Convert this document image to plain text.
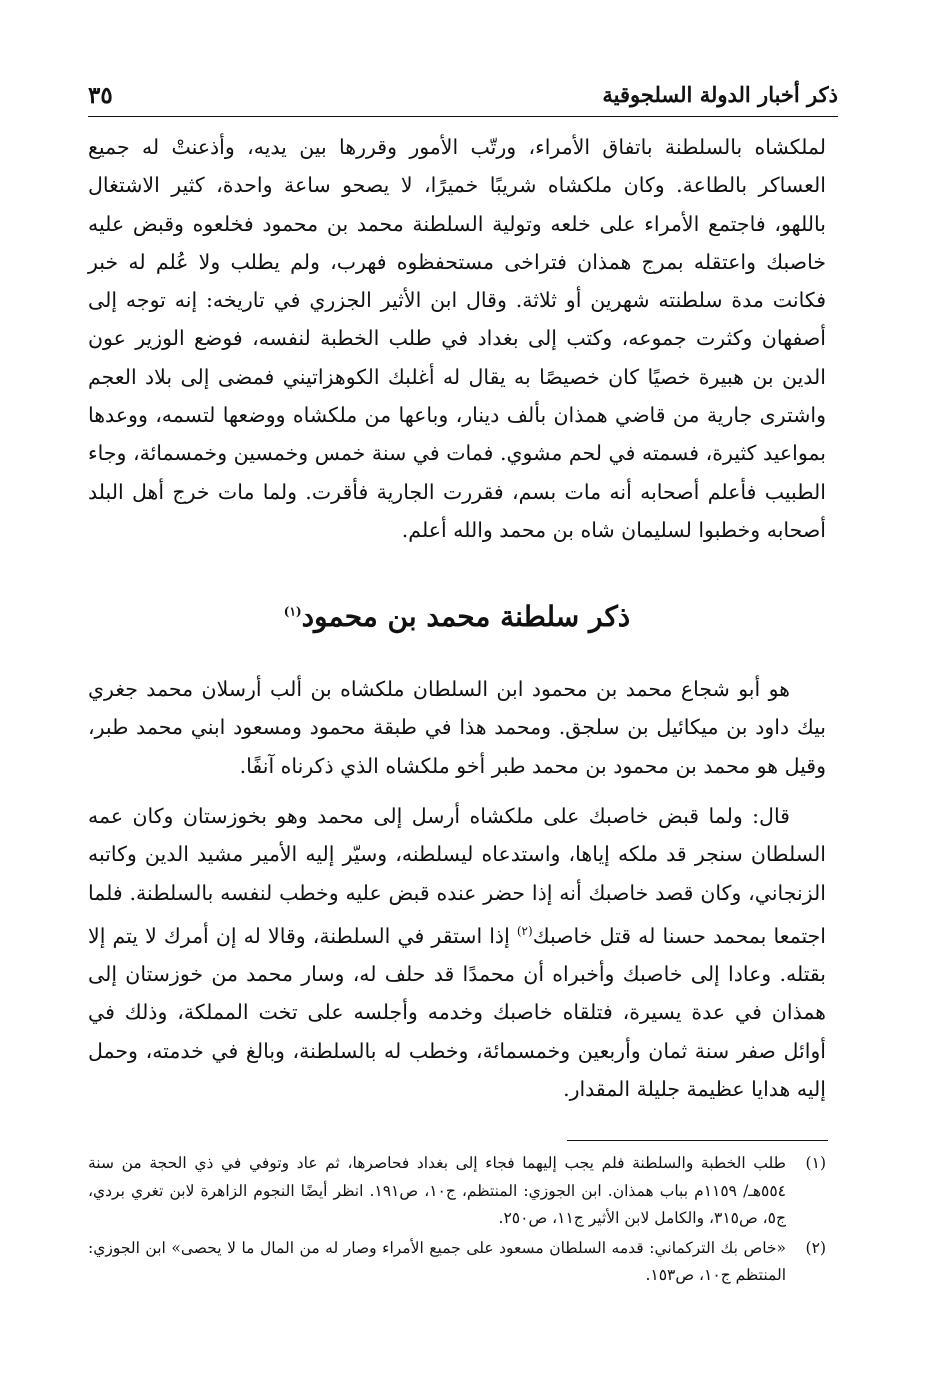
ذكر أخبار الدولة السلجوقية
٣٥

لملكشاه بالسلطنة باتفاق الأمراء، ورتّب الأمور وقررها بين يديه، وأذعنتْ له جميع العساكر بالطاعة. وكان ملكشاه شريبًا خميرًا، لا يصحو ساعة واحدة، كثير الاشتغال باللهو، فاجتمع الأمراء على خلعه وتولية السلطنة محمد بن محمود فخلعوه وقبض عليه خاصبك واعتقله بمرج همذان فتراخى مستحفظوه فهرب، ولم يطلب ولا عُلم له خبر فكانت مدة سلطنته شهرين أو ثلاثة. وقال ابن الأثير الجزري في تاريخه: إنه توجه إلى أصفهان وكثرت جموعه، وكتب إلى بغداد في طلب الخطبة لنفسه، فوضع الوزير عون الدين بن هبيرة خصيًا كان خصيصًا به يقال له أغلبك الكوهزاتيني فمضى إلى بلاد العجم واشترى جارية من قاضي همذان بألف دينار، وباعها من ملكشاه ووضعها لتسمه، ووعدها بمواعيد كثيرة، فسمته في لحم مشوي. فمات في سنة خمس وخمسين وخمسمائة، وجاء الطبيب فأعلم أصحابه أنه مات بسم، فقررت الجارية فأقرت. ولما مات خرج أهل البلد أصحابه وخطبوا لسليمان شاه بن محمد والله أعلم.

ذكر سلطنة محمد بن محمود$^{(١)}$

هو أبو شجاع محمد بن محمود ابن السلطان ملكشاه بن ألب أرسلان محمد جغري بيك داود بن ميكائيل بن سلجق. ومحمد هذا في طبقة محمود ومسعود ابني محمد طبر، وقيل هو محمد بن محمود بن محمد طبر أخو ملكشاه الذي ذكرناه آنفًا.

قال: ولما قبض خاصبك على ملكشاه أرسل إلى محمد وهو بخوزستان وكان عمه السلطان سنجر قد ملكه إياها، واستدعاه ليسلطنه، وسيّر إليه الأمير مشيد الدين وكاتبه الزنجاني، وكان قصد خاصبك أنه إذا حضر عنده قبض عليه وخطب لنفسه بالسلطنة. فلما اجتمعا بمحمد حسنا له قتل خاصبك$^{(٢)}$ إذا استقر في السلطنة، وقالا له إن أمرك لا يتم إلا بقتله. وعادا إلى خاصبك وأخبراه أن محمدًا قد حلف له، وسار محمد من خوزستان إلى همذان في عدة يسيرة، فتلقاه خاصبك وخدمه وأجلسه على تخت المملكة، وذلك في أوائل صفر سنة ثمان وأربعين وخمسمائة، وخطب له بالسلطنة، وبالغ في خدمته، وحمل إليه هدايا عظيمة جليلة المقدار.

(١)
طلب الخطبة والسلطنة فلم يجب إليهما فجاء إلى بغداد فحاصرها، ثم عاد وتوفي في ذي الحجة من سنة ٥٥٤هـ/ ١١٥٩م بباب همذان. ابن الجوزي: المنتظم، ج١٠، ص١٩١. انظر أيضًا النجوم الزاهرة لابن تغري بردي، ج٥، ص٣١٥، والكامل لابن الأثير ج١١، ص٢٥٠.
(٢)
«خاص بك التركماني: قدمه السلطان مسعود على جميع الأمراء وصار له من المال ما لا يحصى» ابن الجوزي: المنتظم ج١٠، ص١٥٣.
